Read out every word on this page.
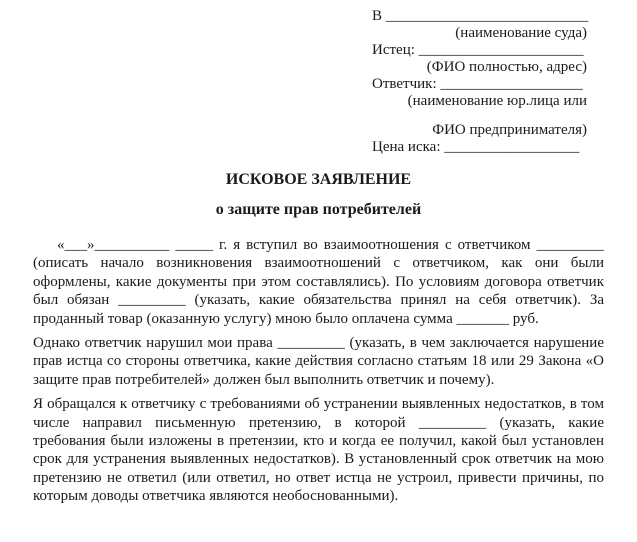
В ___________________________
(наименование суда)
Истец: ______________________
(ФИО полностью, адрес)
Ответчик: ___________________
(наименование юр.лица или
ФИО предпринимателя)
Цена иска: __________________
ИСКОВОЕ ЗАЯВЛЕНИЕ
о защите прав потребителей

«___»__________ _____ г. я вступил во взаимоотношения с ответчиком _________ (описать начало возникновения взаимоотношений с ответчиком, как они были оформлены, какие документы при этом составлялись). По условиям договора ответчик был обязан _________ (указать, какие обязательства принял на себя ответчик). За проданный товар (оказанную услугу) мною было оплачена сумма _______ руб.

Однако ответчик нарушил мои права _________ (указать, в чем заключается нарушение прав истца со стороны ответчика, какие действия согласно статьям 18 или 29 Закона «О защите прав потребителей» должен был выполнить ответчик и почему).

Я обращался к ответчику с требованиями об устранении выявленных недостатков, в том числе направил письменную претензию, в которой _________ (указать, какие требования были изложены в претензии, кто и когда ее получил, какой был установлен срок для устранения выявленных недостатков). В установленный срок ответчик на мою претензию не ответил (или ответил, но ответ истца не устроил, привести причины, по которым доводы ответчика являются необоснованными).
